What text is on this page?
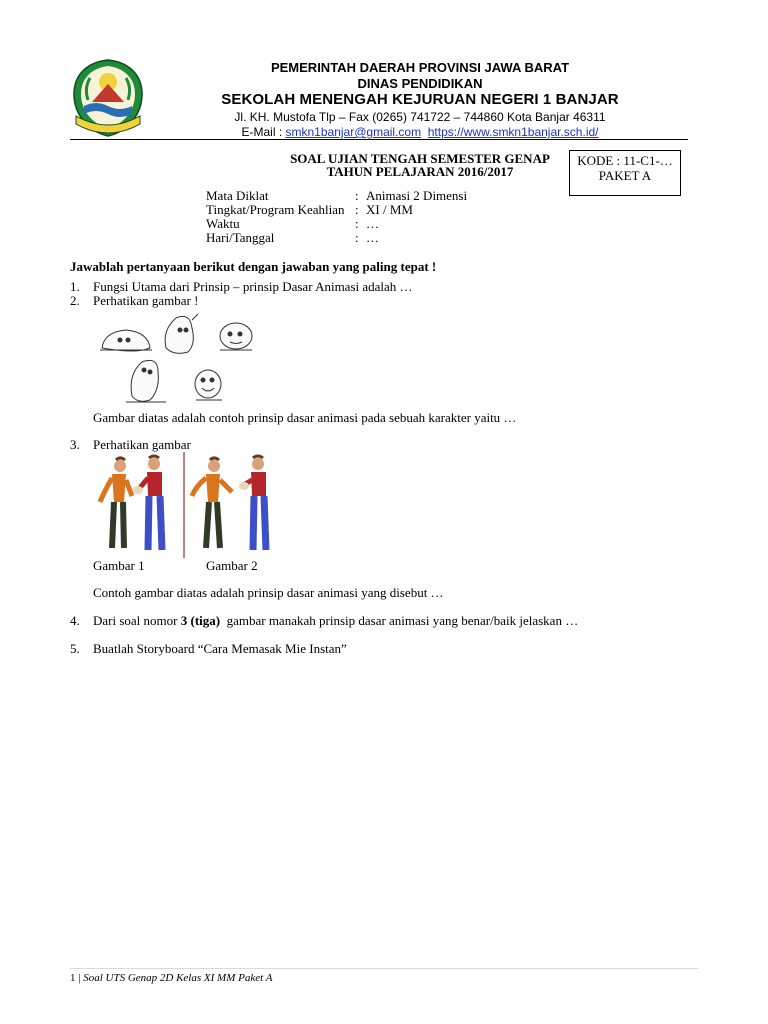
PEMERINTAH DAERAH PROVINSI JAWA BARAT
DINAS PENDIDIKAN
SEKOLAH MENENGAH KEJURUAN NEGERI 1 BANJAR
Jl. KH. Mustofa Tlp – Fax (0265) 741722 – 744860 Kota Banjar 46311
E-Mail : smkn1banjar@gmail.com https://www.smkn1banjar.sch.id/
SOAL UJIAN TENGAH SEMESTER GENAP
TAHUN PELAJARAN 2016/2017
KODE : 11-C1-…
PAKET A
Mata Diklat	: Animasi 2 Dimensi
Tingkat/Program Keahlian : XI / MM
Waktu	: …
Hari/Tanggal	: …
Jawablah pertanyaan berikut dengan jawaban yang paling tepat !
1. Fungsi Utama dari Prinsip – prinsip Dasar Animasi adalah …
2. Perhatikan gambar !
Gambar diatas adalah contoh prinsip dasar animasi pada sebuah karakter yaitu …
3. Perhatikan gambar
Gambar 1	Gambar 2
Contoh gambar diatas adalah prinsip dasar animasi yang disebut …
4. Dari soal nomor 3 (tiga)  gambar manakah prinsip dasar animasi yang benar/baik jelaskan …
5. Buatlah Storyboard “Cara Memasak Mie Instan”
1 | Soal UTS Genap 2D Kelas XI MM Paket A
